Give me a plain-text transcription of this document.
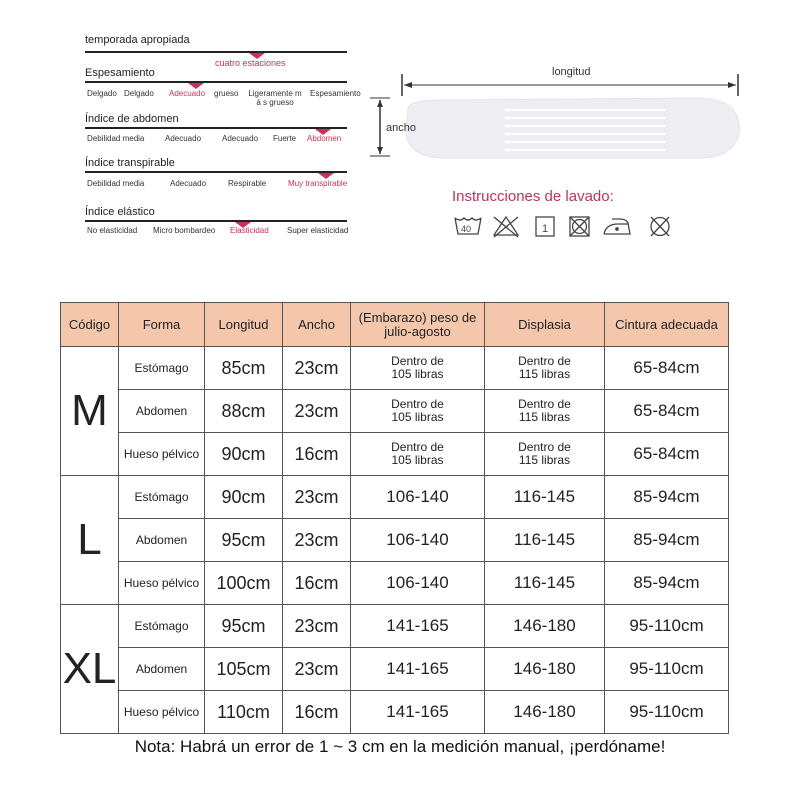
temporada apropiada
cuatro estaciones
Espesamiento
Delgado Delgado Adecuado grueso	Ligeramente m á s grueso
Espesamiento
Índice de abdomen
Debilidad media	Adecuado	Adecuado Fuerte Abdomen
Índice transpirable
Debilidad media	Adecuado	Respirable	Muy transpirable
Índice elástico
No elasticidad Micro bombardeo Elasticidad Super elasticidad
longitud
ancho
Instrucciones de lavado:
40	1
Código	Forma	Longitud	Ancho	(Embarazo) peso de julio-agosto	Displasia	Cintura adecuada
M	Estómago	85cm	23cm	Dentro de 105 libras	Dentro de 115 libras	65-84cm
	Abdomen	88cm	23cm	Dentro de 105 libras	Dentro de 115 libras	65-84cm
	Hueso pélvico	90cm	16cm	Dentro de 105 libras	Dentro de 115 libras	65-84cm
L	Estómago	90cm	23cm	106-140	116-145	85-94cm
	Abdomen	95cm	23cm	106-140	116-145	85-94cm
	Hueso pélvico	100cm	16cm	106-140	116-145	85-94cm
XL	Estómago	95cm	23cm	141-165	146-180	95-110cm
	Abdomen	105cm	23cm	141-165	146-180	95-110cm
	Hueso pélvico	110cm	16cm	141-165	146-180	95-110cm
Nota: Habrá un error de 1 ~ 3 cm en la medición manual, ¡perdóname!
